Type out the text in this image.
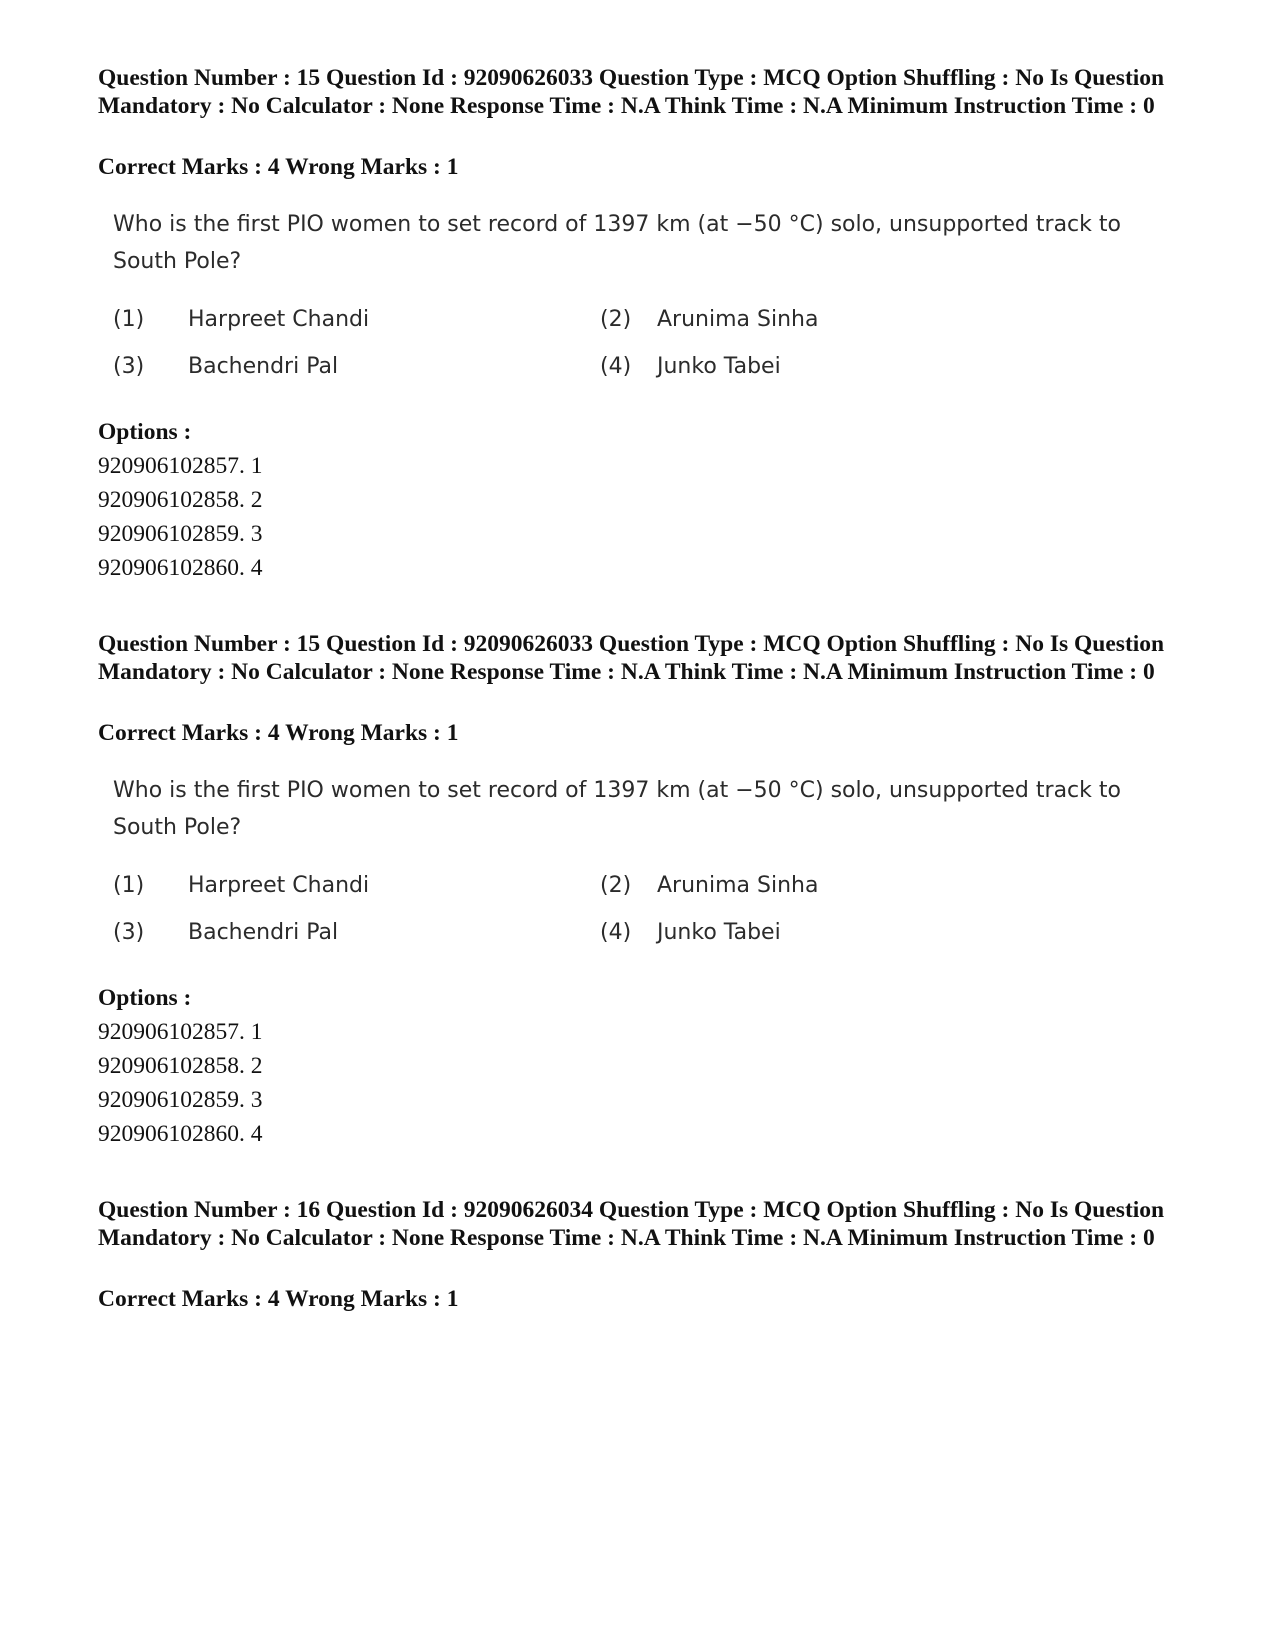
Question Number : 15 Question Id : 92090626033 Question Type : MCQ Option Shuffling : No Is Question Mandatory : No Calculator : None Response Time : N.A Think Time : N.A Minimum Instruction Time : 0

Correct Marks : 4 Wrong Marks : 1

Who is the first PIO women to set record of 1397 km (at −50 °C) solo, unsupported track to South Pole?

(1) Harpreet Chandi	(2) Arunima Sinha
(3) Bachendri Pal	(4) Junko Tabei
Options :
920906102857. 1
920906102858. 2
920906102859. 3
920906102860. 4

Question Number : 15 Question Id : 92090626033 Question Type : MCQ Option Shuffling : No Is Question Mandatory : No Calculator : None Response Time : N.A Think Time : N.A Minimum Instruction Time : 0

Correct Marks : 4 Wrong Marks : 1

Who is the first PIO women to set record of 1397 km (at −50 °C) solo, unsupported track to South Pole?

(1) Harpreet Chandi	(2) Arunima Sinha
(3) Bachendri Pal	(4) Junko Tabei
Options :
920906102857. 1
920906102858. 2
920906102859. 3
920906102860. 4

Question Number : 16 Question Id : 92090626034 Question Type : MCQ Option Shuffling : No Is Question Mandatory : No Calculator : None Response Time : N.A Think Time : N.A Minimum Instruction Time : 0

Correct Marks : 4 Wrong Marks : 1
